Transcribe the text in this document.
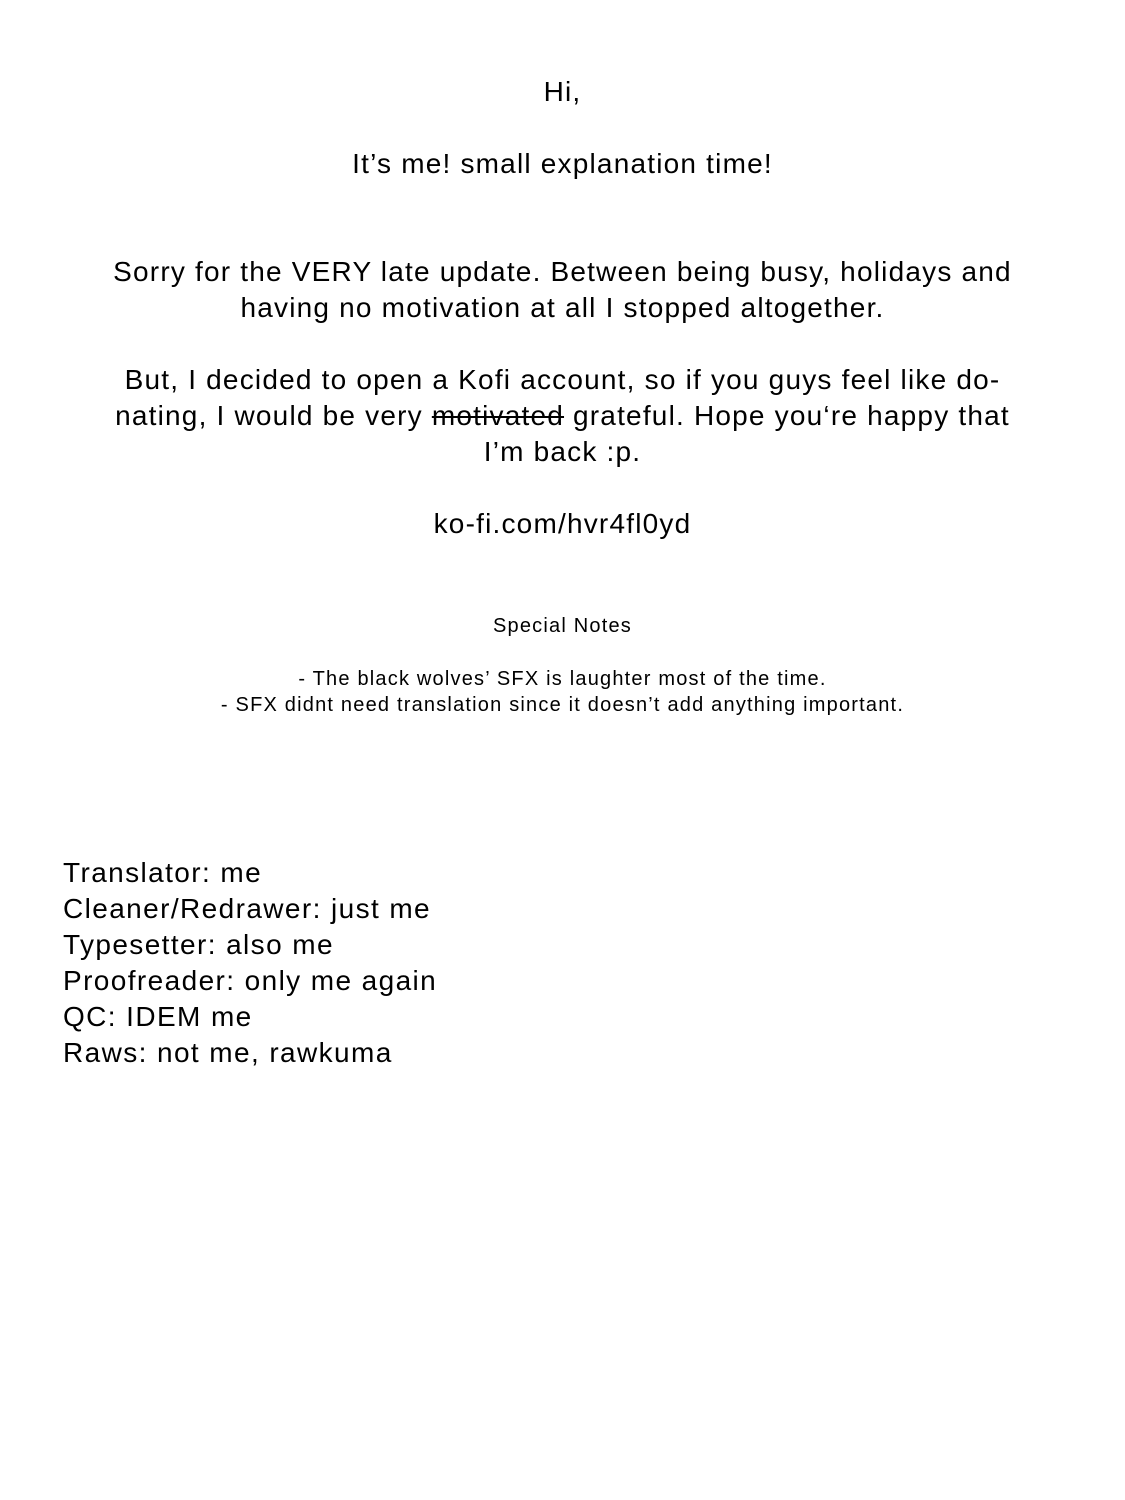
Hi,
It’s me! small explanation time!
Sorry for the VERY late update. Between being busy, holidays and
having no motivation at all I stopped altogether.
But, I decided to open a Kofi account, so if you guys feel like do-
nating, I would be very motivated grateful. Hope you‘re happy that
I’m back :p.
ko-fi.com/hvr4fl0yd
Special Notes
- The black wolves’ SFX is laughter most of the time.
- SFX didnt need translation since it doesn’t add anything important.
Translator: me
Cleaner/Redrawer: just me
Typesetter: also me
Proofreader: only me again
QC: IDEM me
Raws: not me, rawkuma
